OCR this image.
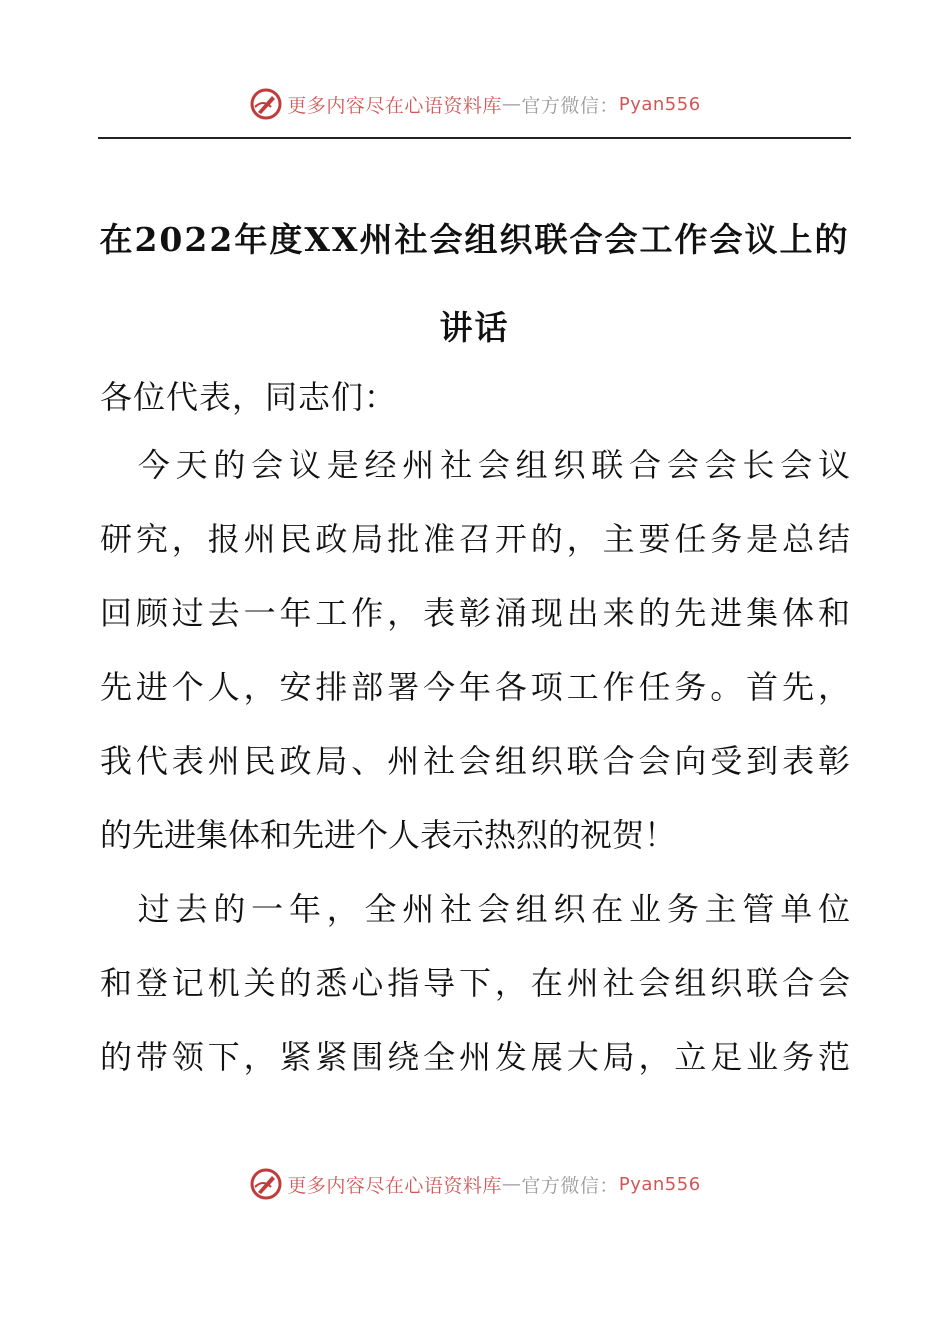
更多内容尽在心语资料库 — 官方微信： Pyan556
在2022年度XX州社会组织联合会工作会议上的
讲话

各位代表，同志们：

　今天的会议是经州社会组织联合会会长会议
研究，报州民政局批准召开的，主要任务是总结
回顾过去一年工作，表彰涌现出来的先进集体和
先进个人，安排部署今年各项工作任务。首先，
我代表州民政局、州社会组织联合会向受到表彰
的先进集体和先进个人表示热烈的祝贺！

　过去的一年，全州社会组织在业务主管单位
和登记机关的悉心指导下，在州社会组织联合会
的带领下，紧紧围绕全州发展大局，立足业务范

更多内容尽在心语资料库 — 官方微信： Pyan556
